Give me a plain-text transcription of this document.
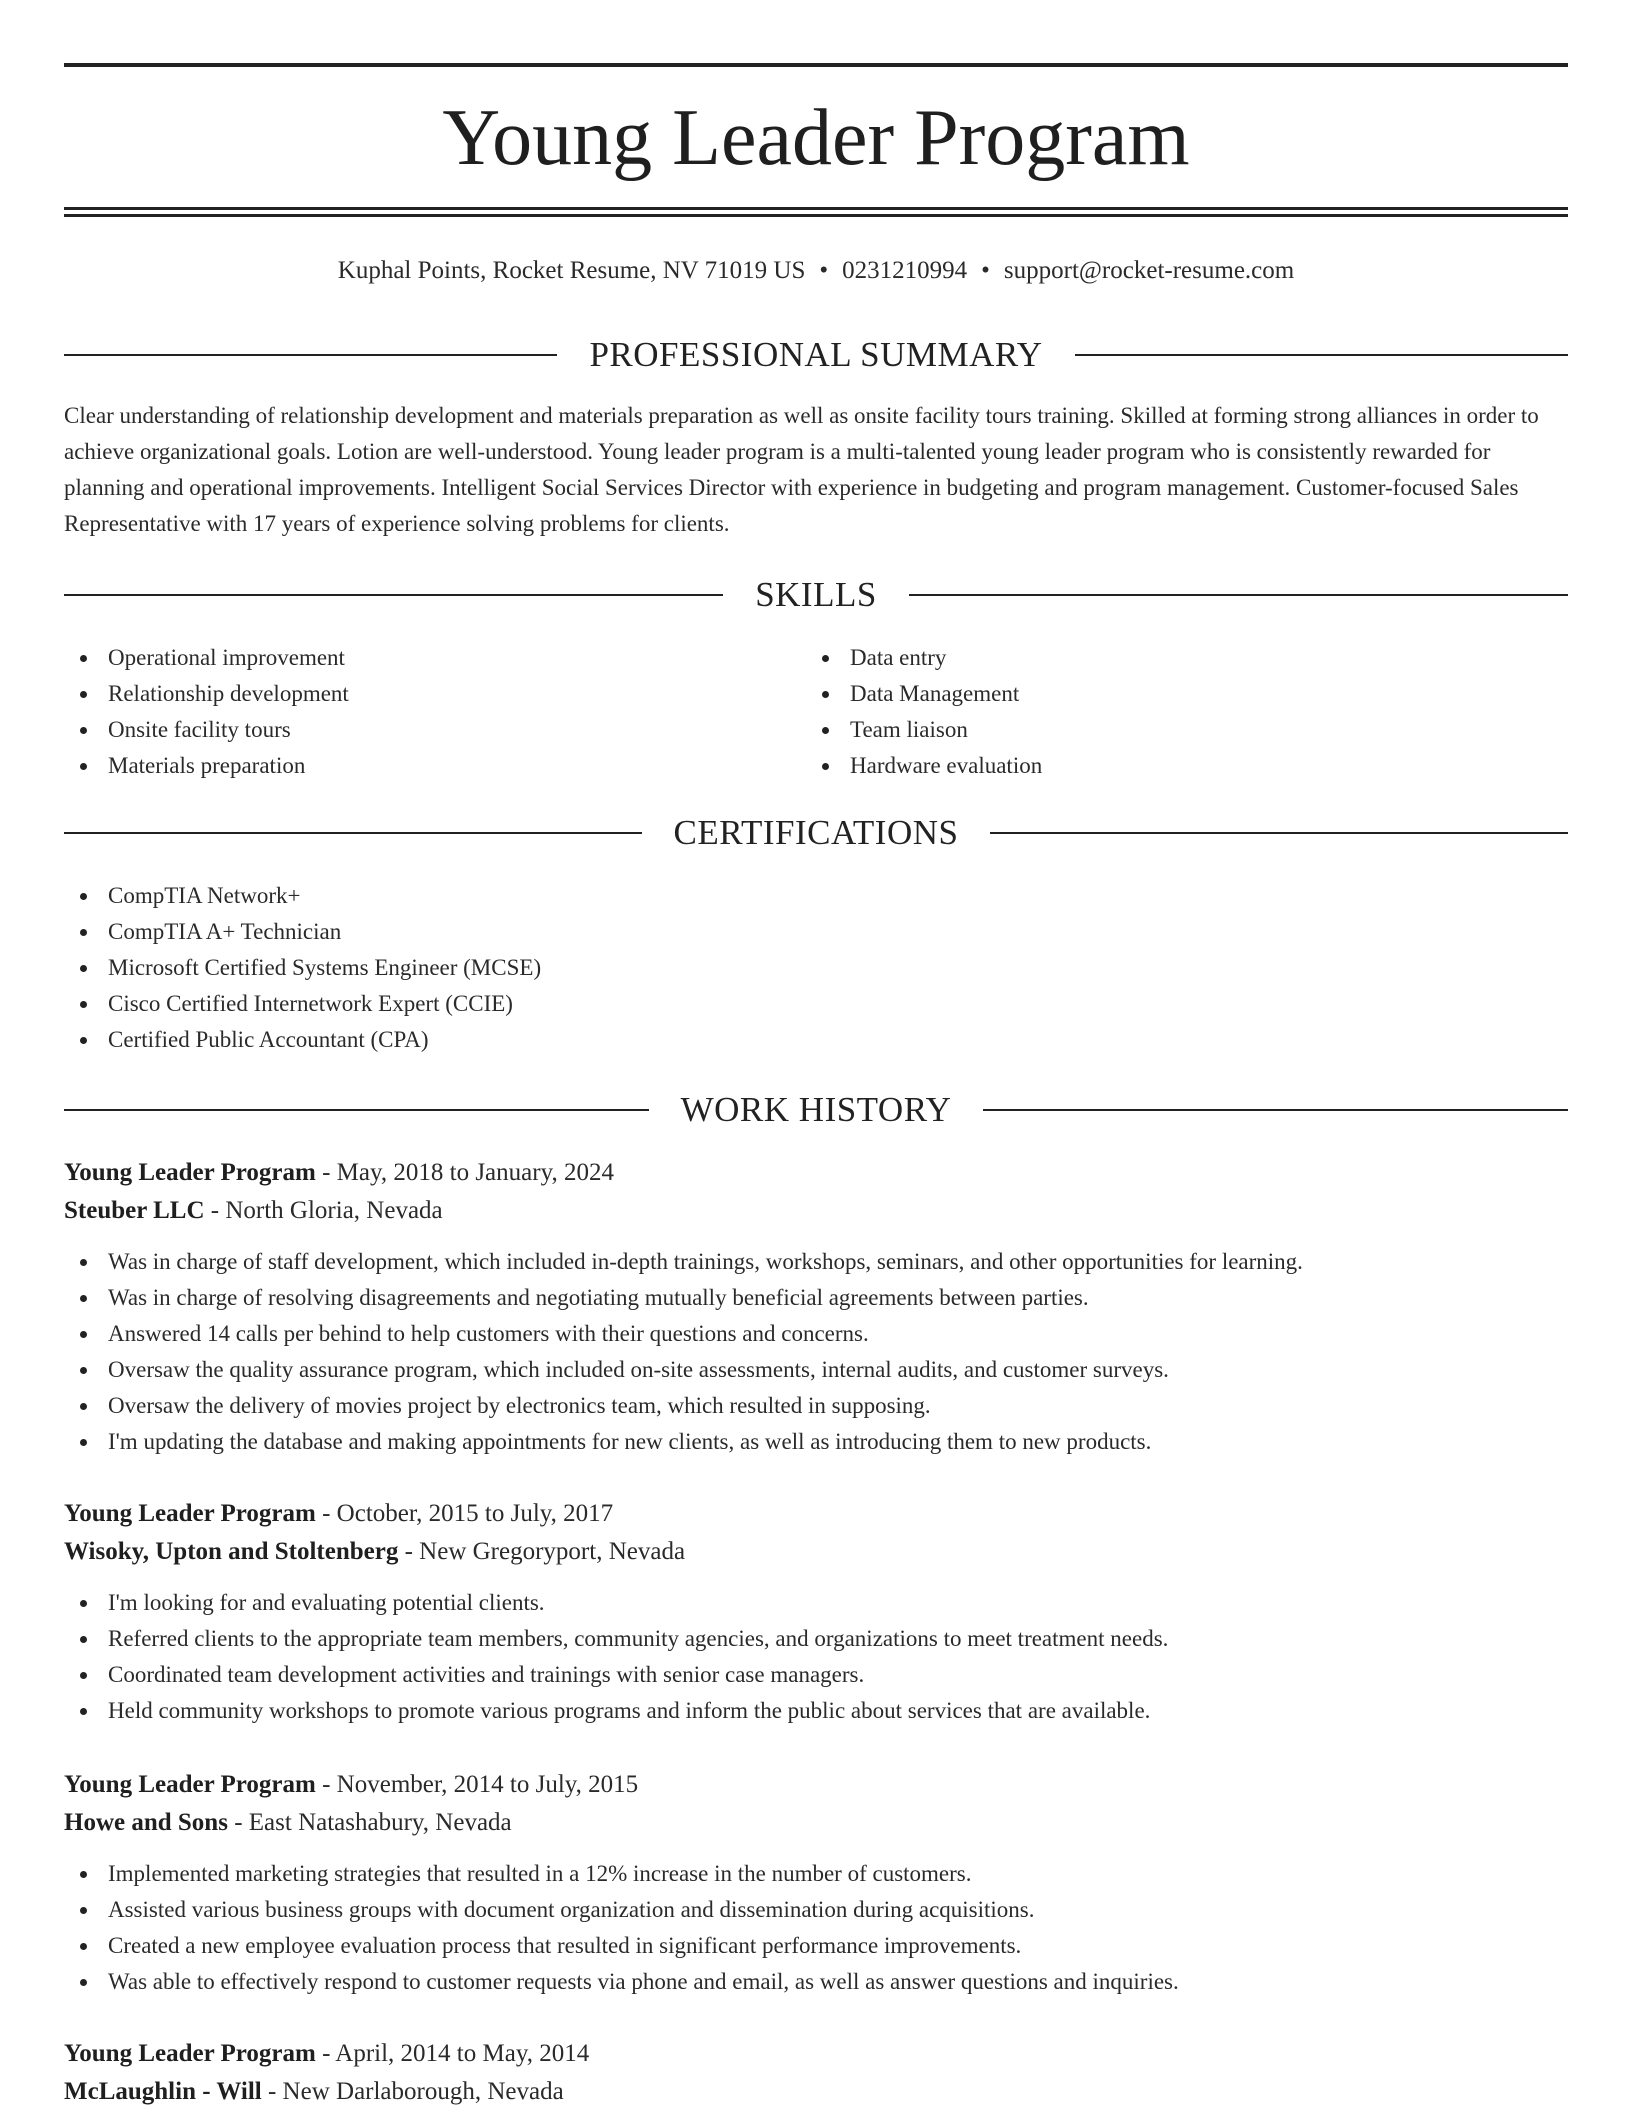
Young Leader Program
Kuphal Points, Rocket Resume, NV 71019 US • 0231210994 • support@rocket-resume.com
PROFESSIONAL SUMMARY

Clear understanding of relationship development and materials preparation as well as onsite facility tours training. Skilled at forming strong alliances in order to achieve organizational goals. Lotion are well-understood. Young leader program is a multi-talented young leader program who is consistently rewarded for planning and operational improvements. Intelligent Social Services Director with experience in budgeting and program management. Customer-focused Sales Representative with 17 years of experience solving problems for clients.

SKILLS
Operational improvement
Relationship development
Onsite facility tours
Materials preparation
Data entry
Data Management
Team liaison
Hardware evaluation
CERTIFICATIONS
CompTIA Network+
CompTIA A+ Technician
Microsoft Certified Systems Engineer (MCSE)
Cisco Certified Internetwork Expert (CCIE)
Certified Public Accountant (CPA)
WORK HISTORY
Young Leader Program - May, 2018 to January, 2024
Steuber LLC - North Gloria, Nevada
Was in charge of staff development, which included in-depth trainings, workshops, seminars, and other opportunities for learning.
Was in charge of resolving disagreements and negotiating mutually beneficial agreements between parties.
Answered 14 calls per behind to help customers with their questions and concerns.
Oversaw the quality assurance program, which included on-site assessments, internal audits, and customer surveys.
Oversaw the delivery of movies project by electronics team, which resulted in supposing.
I'm updating the database and making appointments for new clients, as well as introducing them to new products.
Young Leader Program - October, 2015 to July, 2017
Wisoky, Upton and Stoltenberg - New Gregoryport, Nevada
I'm looking for and evaluating potential clients.
Referred clients to the appropriate team members, community agencies, and organizations to meet treatment needs.
Coordinated team development activities and trainings with senior case managers.
Held community workshops to promote various programs and inform the public about services that are available.
Young Leader Program - November, 2014 to July, 2015
Howe and Sons - East Natashabury, Nevada
Implemented marketing strategies that resulted in a 12% increase in the number of customers.
Assisted various business groups with document organization and dissemination during acquisitions.
Created a new employee evaluation process that resulted in significant performance improvements.
Was able to effectively respond to customer requests via phone and email, as well as answer questions and inquiries.
Young Leader Program - April, 2014 to May, 2014
McLaughlin - Will - New Darlaborough, Nevada
